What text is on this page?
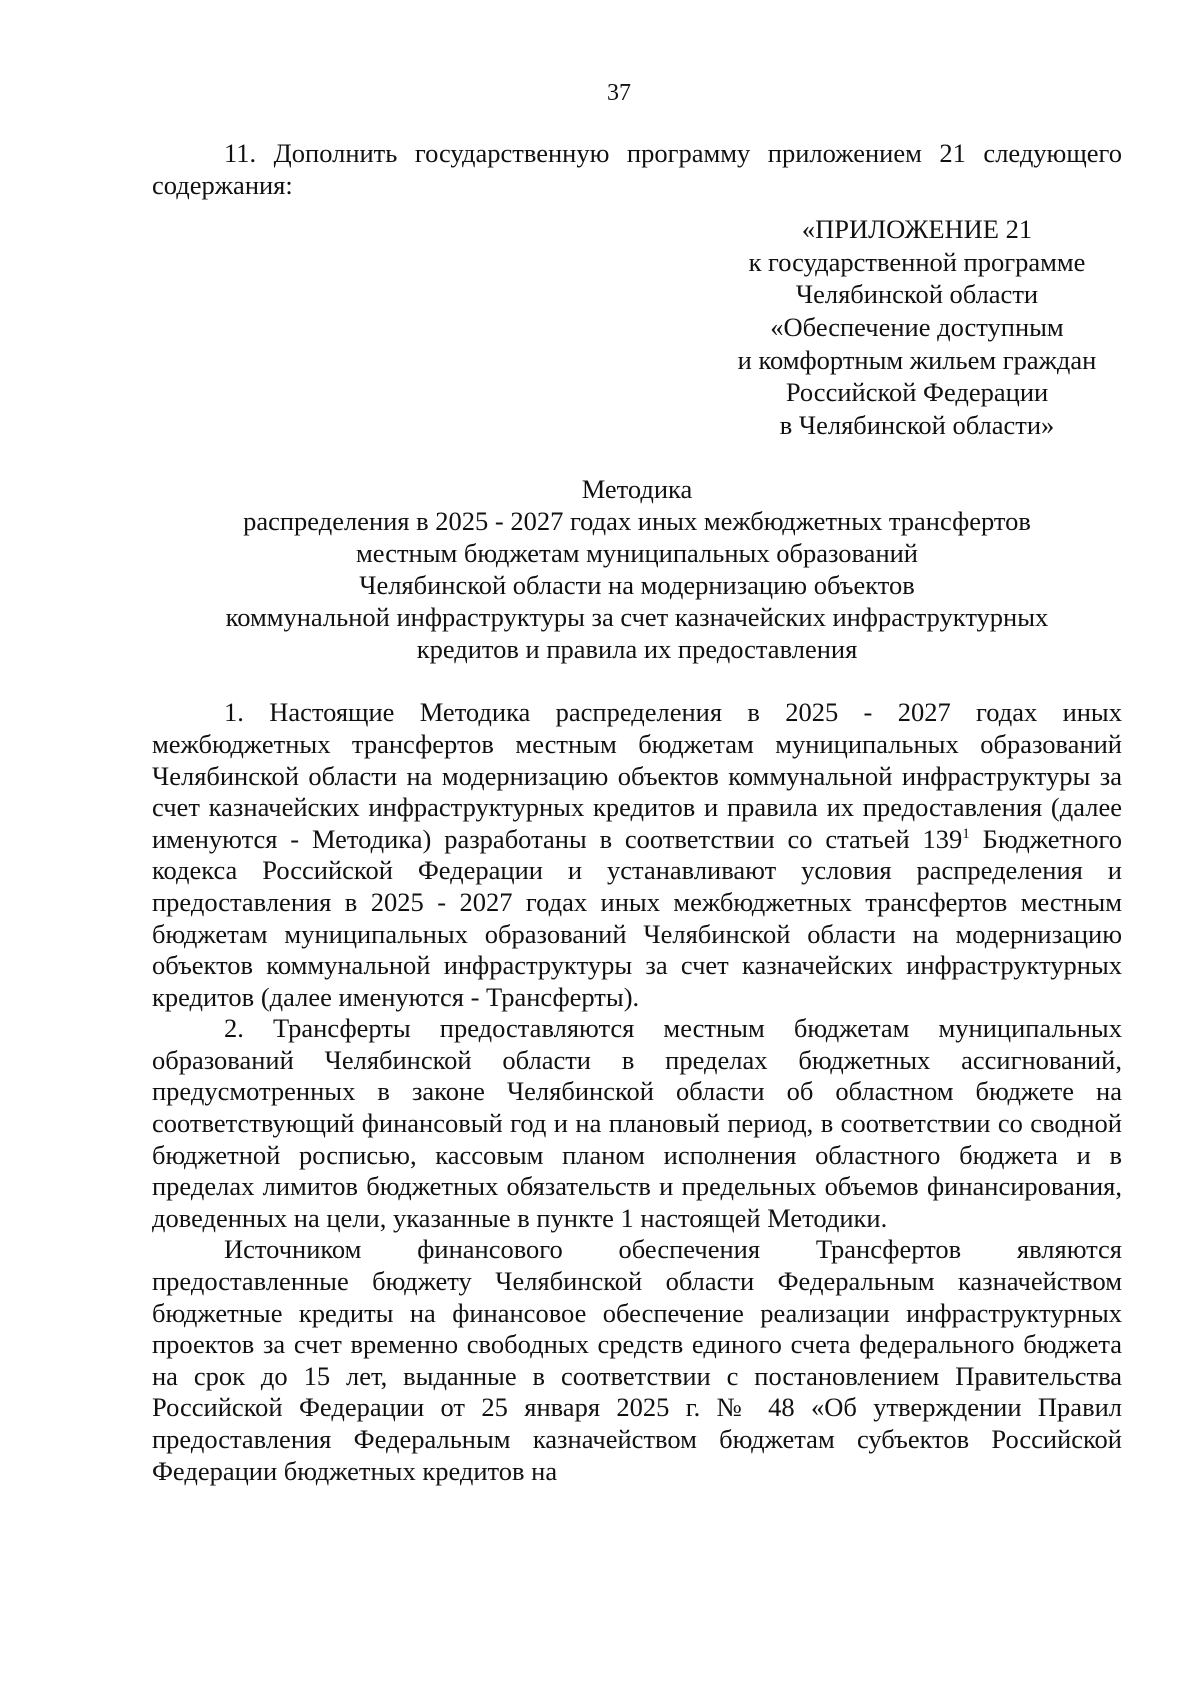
37
11. Дополнить государственную программу приложением 21 следующего содержания:
«ПРИЛОЖЕНИЕ 21
к государственной программе
Челябинской области
«Обеспечение доступным
и комфортным жильем граждан
Российской Федерации
в Челябинской области»
Методика
распределения в 2025 - 2027 годах иных межбюджетных трансфертов
местным бюджетам муниципальных образований
Челябинской области на модернизацию объектов
коммунальной инфраструктуры за счет казначейских инфраструктурных
кредитов и правила их предоставления

1. Настоящие Методика распределения в 2025 - 2027 годах иных межбюджетных трансфертов местным бюджетам муниципальных образований Челябинской области на модернизацию объектов коммунальной инфраструктуры за счет казначейских инфраструктурных кредитов и правила их предоставления (далее именуются - Методика) разработаны в соответствии со статьей $139^1$ Бюджетного кодекса Российской Федерации и устанавливают условия распределения и предоставления в 2025 - 2027 годах иных межбюджетных трансфертов местным бюджетам муниципальных образований Челябинской области на модернизацию объектов коммунальной инфраструктуры за счет казначейских инфраструктурных кредитов (далее именуются - Трансферты).

2. Трансферты предоставляются местным бюджетам муниципальных образований Челябинской области в пределах бюджетных ассигнований, предусмотренных в законе Челябинской области об областном бюджете на соответствующий финансовый год и на плановый период, в соответствии со сводной бюджетной росписью, кассовым планом исполнения областного бюджета и в пределах лимитов бюджетных обязательств и предельных объемов финансирования, доведенных на цели, указанные в пункте 1 настоящей Методики.

Источником финансового обеспечения Трансфертов являются предоставленные бюджету Челябинской области Федеральным казначейством бюджетные кредиты на финансовое обеспечение реализации инфраструктурных проектов за счет временно свободных средств единого счета федерального бюджета на срок до 15 лет, выданные в соответствии с постановлением Правительства Российской Федерации от 25 января 2025 г. № 48 «Об утверждении Правил предоставления Федеральным казначейством бюджетам субъектов Российской Федерации бюджетных кредитов на
